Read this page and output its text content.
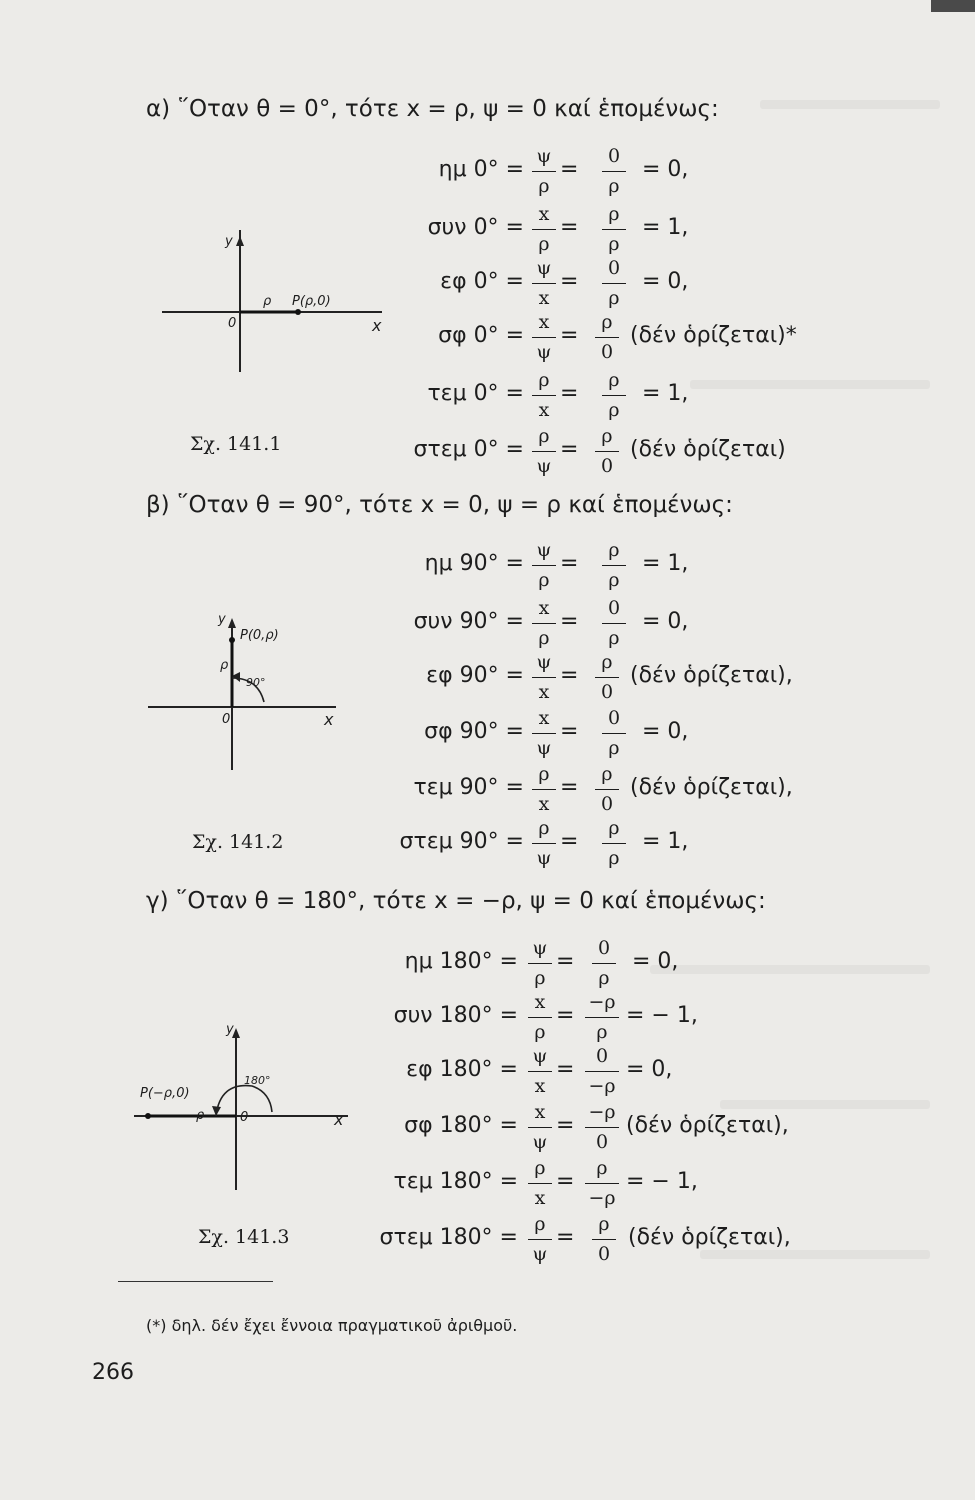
α) ῞Οταν θ = 0°, τότε x = ρ, ψ = 0 καί ἑπομένως:
ημ 0° =
ψ
ρ
=
0
ρ
= 0,
συν 0° =
x
ρ
=
ρ
ρ
= 1,
εφ 0° =
ψ
x
=
0
ρ
= 0,
σφ 0° =
x
ψ
=
ρ
0
(δέν ὁρίζεται)*
τεμ 0° =
ρ
x
=
ρ
ρ
= 1,
στεμ 0° =
ρ
ψ
=
ρ
0
(δέν ὁρίζεται)
y
0
ρ P(ρ,0)
x
Σχ. 141.1
β) ῞Οταν θ = 90°, τότε x = 0, ψ = ρ καί ἑπομένως:
ημ 90° =
ψ
ρ
=
ρ
ρ
= 1,
συν 90° =
x
ρ
=
0
ρ
= 0,
εφ 90° =
ψ
x
=
ρ
0
(δέν ὁρίζεται),
σφ 90° =
x
ψ
=
0
ρ
= 0,
τεμ 90° =
ρ
x
=
ρ
0
(δέν ὁρίζεται),
στεμ 90° =
ρ
ψ
=
ρ
ρ
= 1,
y
P(0,ρ)
ρ
90°
0	x
Σχ. 141.2
γ) ῞Οταν θ = 180°, τότε x = −ρ, ψ = 0 καί ἑπομένως:
ημ 180° =
ψ
ρ
=
0
ρ
= 0,
συν 180° =
x
ρ
=
−ρ
ρ
= − 1,
εφ 180° =
ψ
x
=
0
−ρ
= 0,
σφ 180° =
x
ψ
=
−ρ
0
(δέν ὁρίζεται),
τεμ 180° =
ρ
x
=
ρ
−ρ
= − 1,
στεμ 180° =
ρ
ψ
=
ρ
0
(δέν ὁρίζεται),
y
P(−ρ,0)
ρ
180°
0	x
Σχ. 141.3
(*) δηλ. δέν ἔχει ἔννοια πραγματικοῦ ἀριθμοῦ.
266
